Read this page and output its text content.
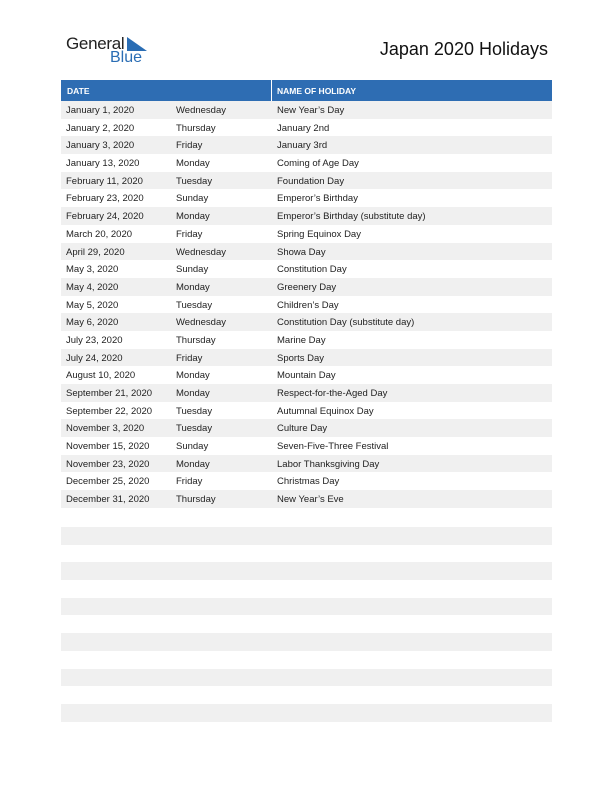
General
Blue	Japan 2020 Holidays
DATE	NAME OF HOLIDAY
January 1, 2020	Wednesday	New Year’s Day
January 2, 2020	Thursday	January 2nd
January 3, 2020	Friday	January 3rd
January 13, 2020	Monday	Coming of Age Day
February 11, 2020	Tuesday	Foundation Day
February 23, 2020	Sunday	Emperor’s Birthday
February 24, 2020	Monday	Emperor’s Birthday (substitute day)
March 20, 2020	Friday	Spring Equinox Day
April 29, 2020	Wednesday	Showa Day
May 3, 2020	Sunday	Constitution Day
May 4, 2020	Monday	Greenery Day
May 5, 2020	Tuesday	Children’s Day
May 6, 2020	Wednesday	Constitution Day (substitute day)
July 23, 2020	Thursday	Marine Day
July 24, 2020	Friday	Sports Day
August 10, 2020	Monday	Mountain Day
September 21, 2020	Monday	Respect-for-the-Aged Day
September 22, 2020	Tuesday	Autumnal Equinox Day
November 3, 2020	Tuesday	Culture Day
November 15, 2020	Sunday	Seven-Five-Three Festival
November 23, 2020	Monday	Labor Thanksgiving Day
December 25, 2020	Friday	Christmas Day
December 31, 2020	Thursday	New Year’s Eve
